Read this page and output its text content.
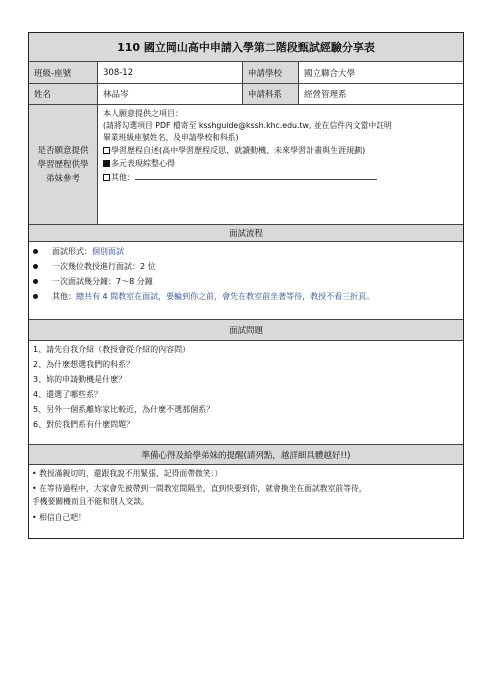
110 國立岡山高中申請入學第二階段甄試經驗分享表
班級-座號	308-12	申請學校	國立聯合大學
姓名	林品岑	申請科系	經營管理系
是否願意提供
學習歷程供學
弟妹參考
本人願意提供之項目：
(請將勾選項目 PDF 檔寄至 ksshguide@kssh.khc.edu.tw, 並在信件內文當中註明
畢業班級座號姓名、及申請學校和科系)
學習歷程自述(高中學習歷程反思、就讀動機、未來學習計畫與生涯規劃)
多元表現綜整心得
其他：
面試流程
面試形式： 個別面試
一次幾位教授進行面試： 2 位
一次面試幾分鐘： 7～8 分鐘
其他： 總共有 4 間教室在面試，要輪到你之前，會先在教室前坐著等待，教授不看三折頁。
面試問題
1、請先自我介紹（教授會從介紹的內容問）
2、為什麼想選我們的科系？
3、妳的申請動機是什麼？
4、還選了哪些系？
5、另外一個系離妳家比較近，為什麼不選那個系？
6、對於我們系有什麼問題？
準備心得及給學弟妹的提醒(請列點，越詳細具體越好!!)
• 教授滿親切的，還跟我說不用緊張，記得面帶微笑：）
• 在等待過程中，大家會先被帶到一間教室間隔坐，直到快要到你，就會換坐在面試教室前等待，
手機要關機而且不能和別人交談。
• 相信自己吧！
